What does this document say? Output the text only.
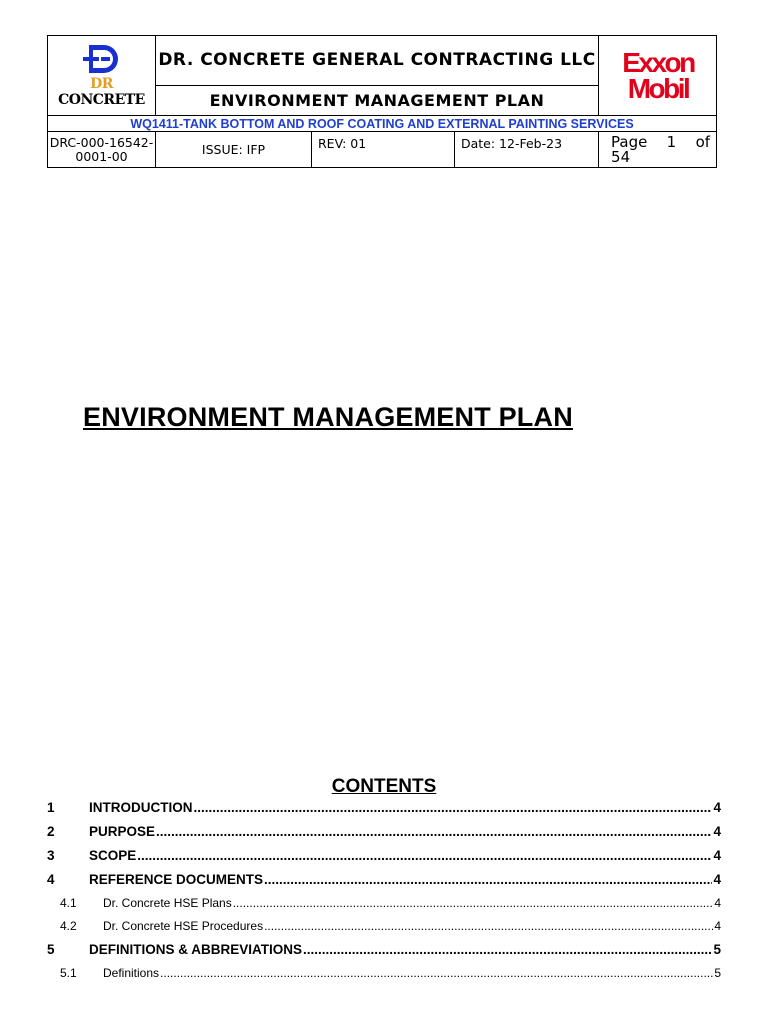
DR CONCRETE	DR. CONCRETE GENERAL CONTRACTING LLC			Exxon
Mobil

	ENVIRONMENT MANAGEMENT PLAN			
WQ1411-TANK BOTTOM AND ROOF COATING AND EXTERNAL PAINTING SERVICES				
DRC-000-16542-
0001-00	ISSUE: IFP	REV: 01	Date: 12-Feb-23	Page 1 of
54
ENVIRONMENT MANAGEMENT PLAN
CONTENTS
1	INTRODUCTION .....	4
2	PURPOSE .....	4
3	SCOPE .....	4
4	REFERENCE DOCUMENTS .....	4
4.1	Dr. Concrete HSE Plans .....	4
4.2	Dr. Concrete HSE Procedures .....	4
5	DEFINITIONS & ABBREVIATIONS .....	5
5.1	Definitions .....	5
